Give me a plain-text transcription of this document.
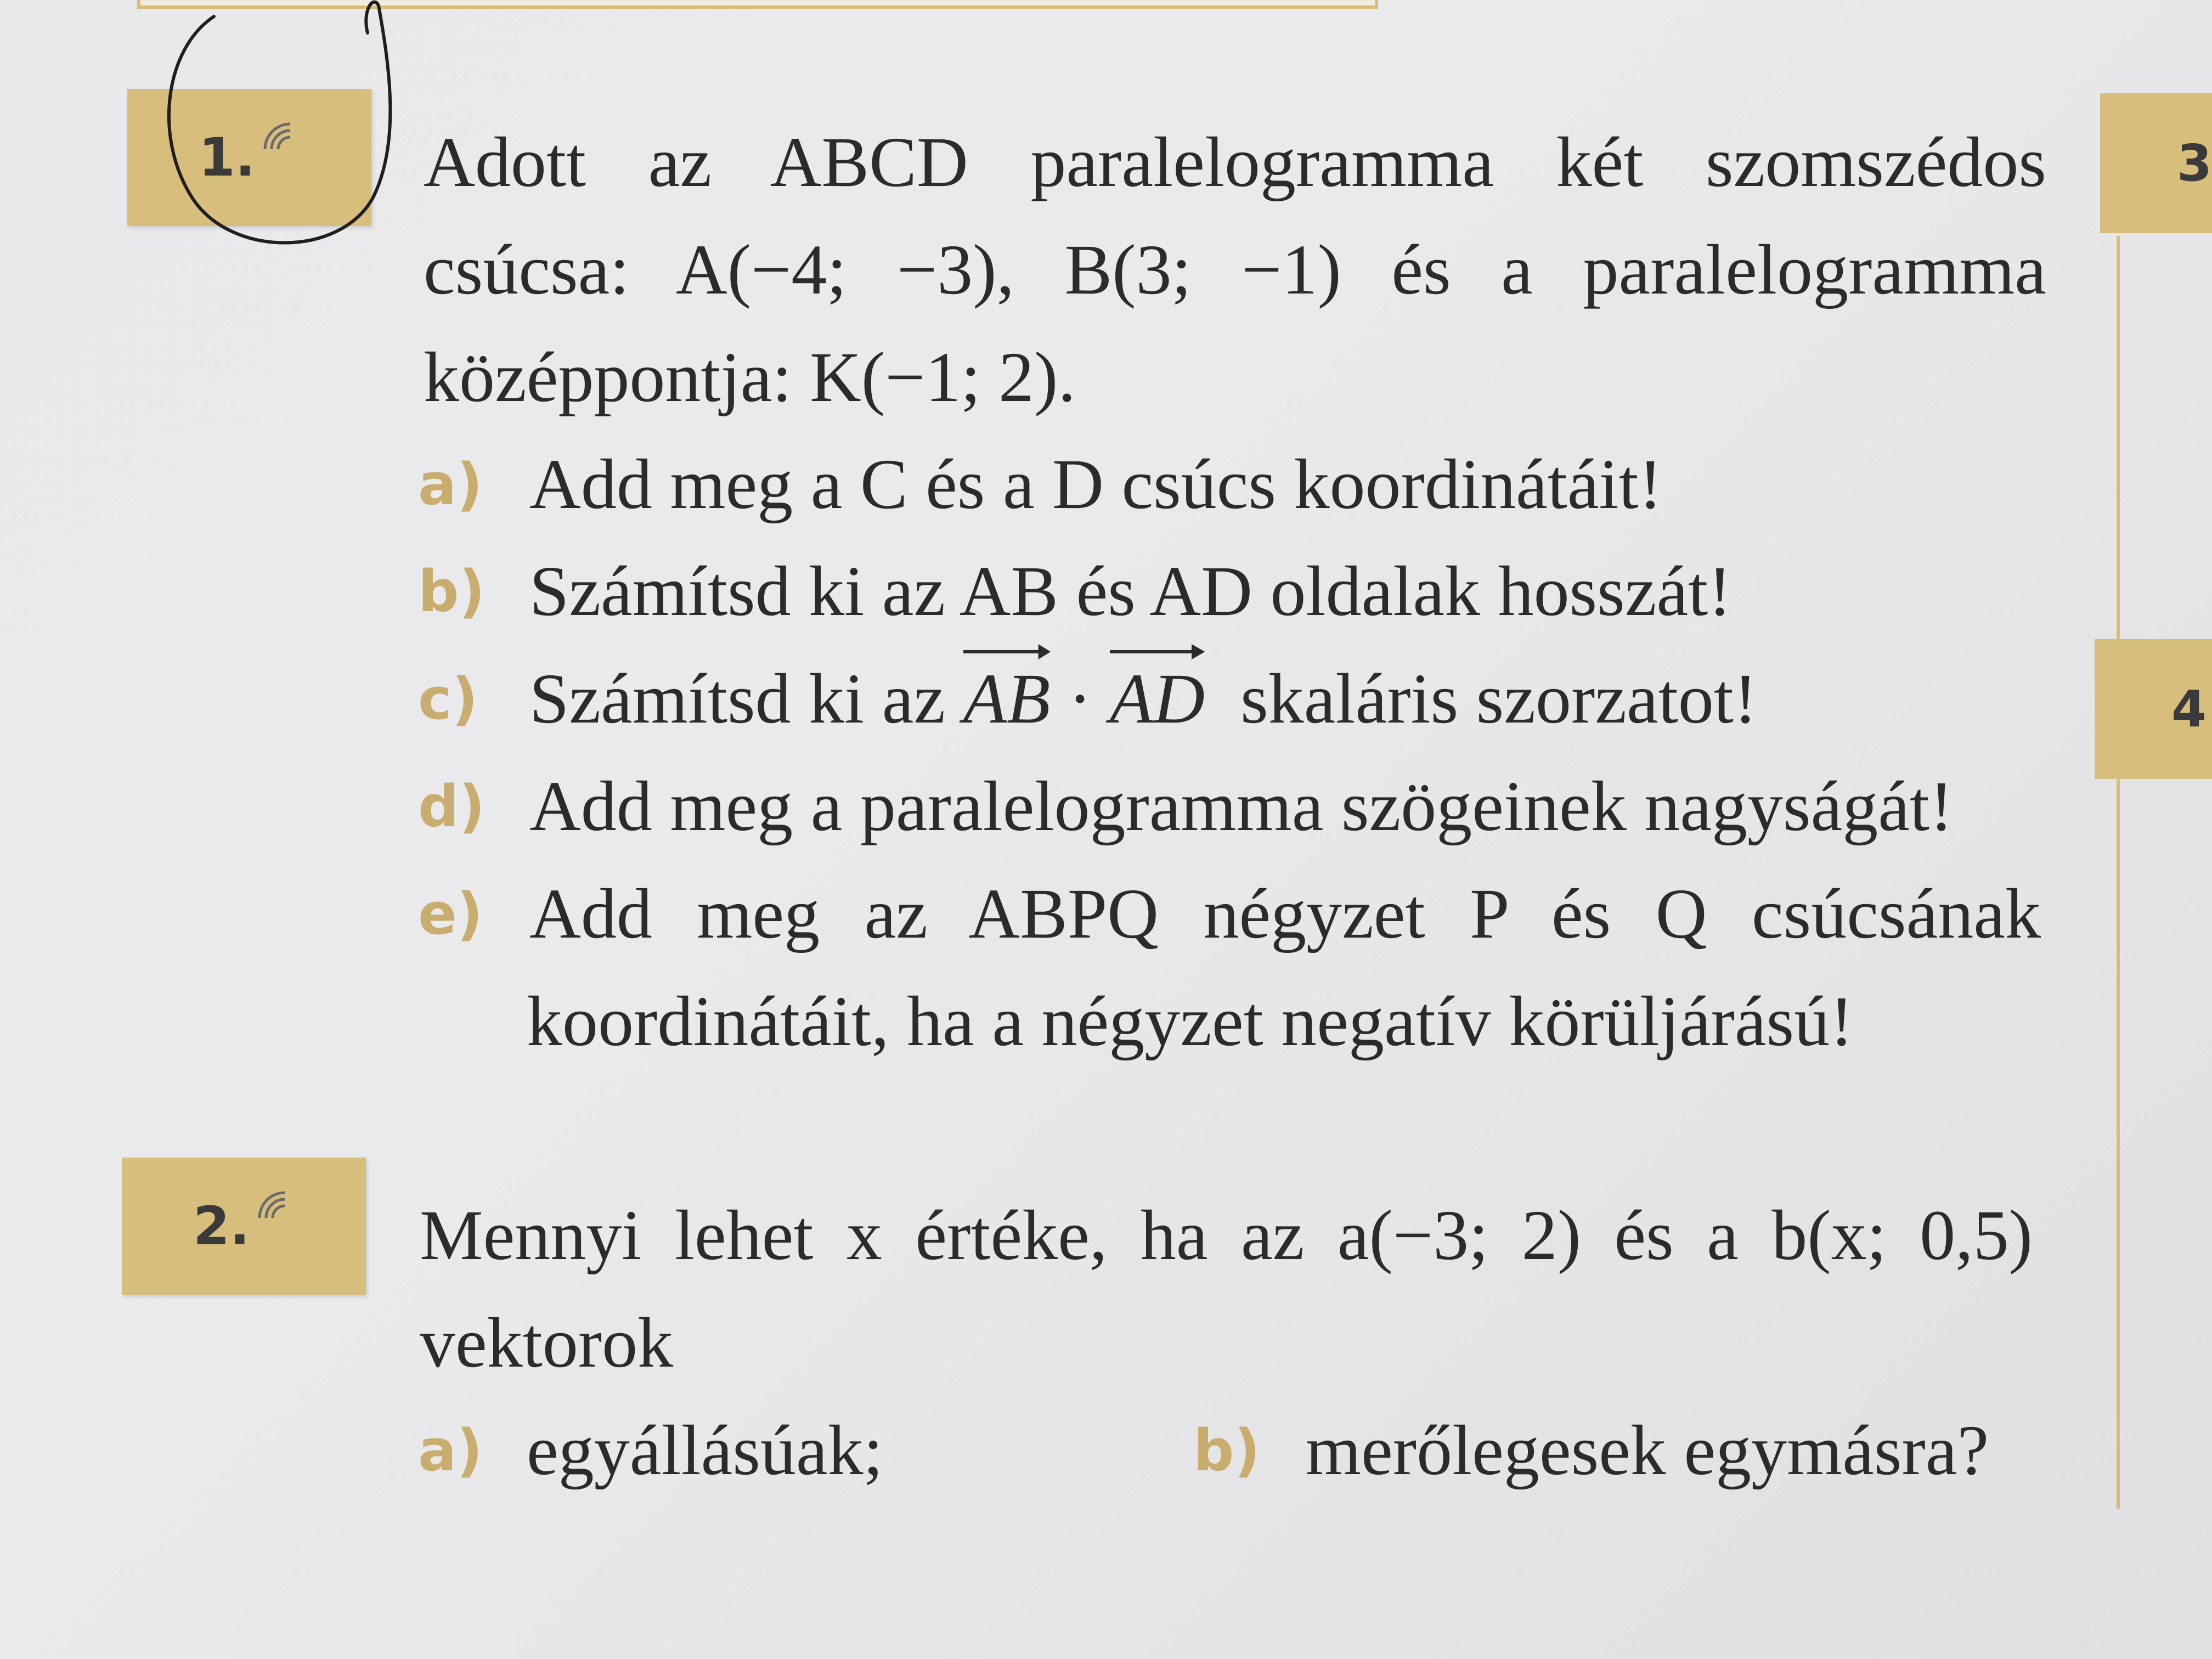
3
4
1. Adott az ABCD paralelogramma két szomszédos
csúcsa: A(−4; −3), B(3; −1) és a paralelogramma
középpontja: K(−1; 2).
a) Add meg a C és a D csúcs koordinátáit!
b) Számítsd ki az AB és AD oldalak hosszát!
c) Számítsd ki az AB · AD skaláris szorzatot!
d) Add meg a paralelogramma szögeinek nagyságát!
e) Add meg az ABPQ négyzet P és Q csúcsának
koordinátáit, ha a négyzet negatív körüljárású!
2. Mennyi lehet x értéke, ha az a(−3; 2) és a b(x; 0,5)
vektorok
a) egyállásúak;	b) merőlegesek egymásra?
